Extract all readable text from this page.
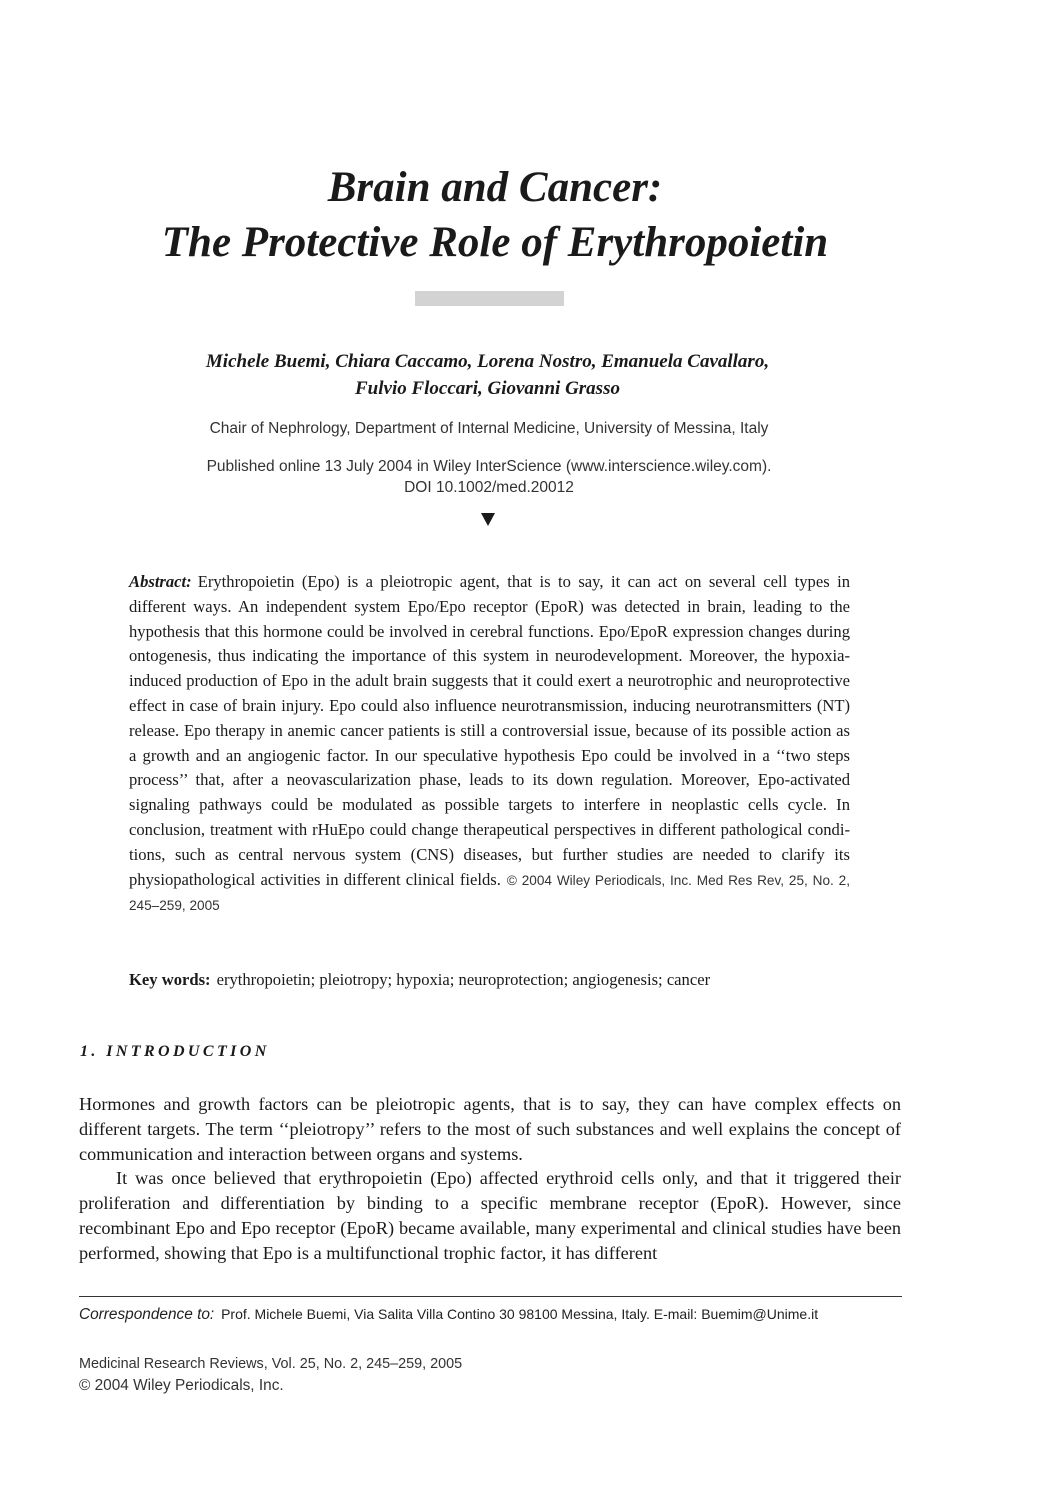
Brain and Cancer:
The Protective Role of Erythropoietin
Michele Buemi, Chiara Caccamo, Lorena Nostro, Emanuela Cavallaro,
Fulvio Floccari, Giovanni Grasso
Chair of Nephrology, Department of Internal Medicine, University of Messina, Italy
Published online 13 July 2004 in Wiley InterScience (www.interscience.wiley.com).
DOI 10.1002/med.20012

Abstract: Erythropoietin (Epo) is a pleiotropic agent, that is to say, it can act on several cell types in different ways. An independent system Epo/Epo receptor (EpoR) was detected in brain, leading to the hypothesis that this hormone could be involved in cerebral functions. Epo/EpoR expression changes during ontogenesis, thus indicating the importance of this system in neurodevelopment. Moreover, the hypoxia-induced production of Epo in the adult brain suggests that it could exert a neurotrophic and neuroprotective effect in case of brain injury. Epo could also influence neurotransmission, inducing neurotransmitters (NT) release. Epo therapy in anemic cancer patients is still a controversial issue, because of its possible action as a growth and an angiogenic factor. In our speculative hypothesis Epo could be involved in a ‘‘two steps process’’ that, after a neovascularization phase, leads to its down regulation. Moreover, Epo-activated signaling pathways could be modulated as possible targets to interfere in neoplastic cells cycle. In conclusion, treatment with rHuEpo could change therapeutical perspectives in different pathological conditions, such as central nervous system (CNS) diseases, but further studies are needed to clarify its physiopathological activities in different clinical fields. © 2004 Wiley Periodicals, Inc. Med Res Rev, 25, No. 2, 245–259, 2005

Key words: erythropoietin; pleiotropy; hypoxia; neuroprotection; angiogenesis; cancer

1. INTRODUCTION

Hormones and growth factors can be pleiotropic agents, that is to say, they can have complex effects on different targets. The term ‘‘pleiotropy’’ refers to the most of such substances and well explains the concept of communication and interaction between organs and systems.

It was once believed that erythropoietin (Epo) affected erythroid cells only, and that it triggered their proliferation and differentiation by binding to a specific membrane receptor (EpoR). However, since recombinant Epo and Epo receptor (EpoR) became available, many experimental and clinical studies have been performed, showing that Epo is a multifunctional trophic factor, it has different

Correspondence to: Prof. Michele Buemi, Via Salita Villa Contino 30 98100 Messina, Italy. E-mail: Buemim@Unime.it

Medicinal Research Reviews, Vol. 25, No. 2, 245–259, 2005
© 2004 Wiley Periodicals, Inc.
